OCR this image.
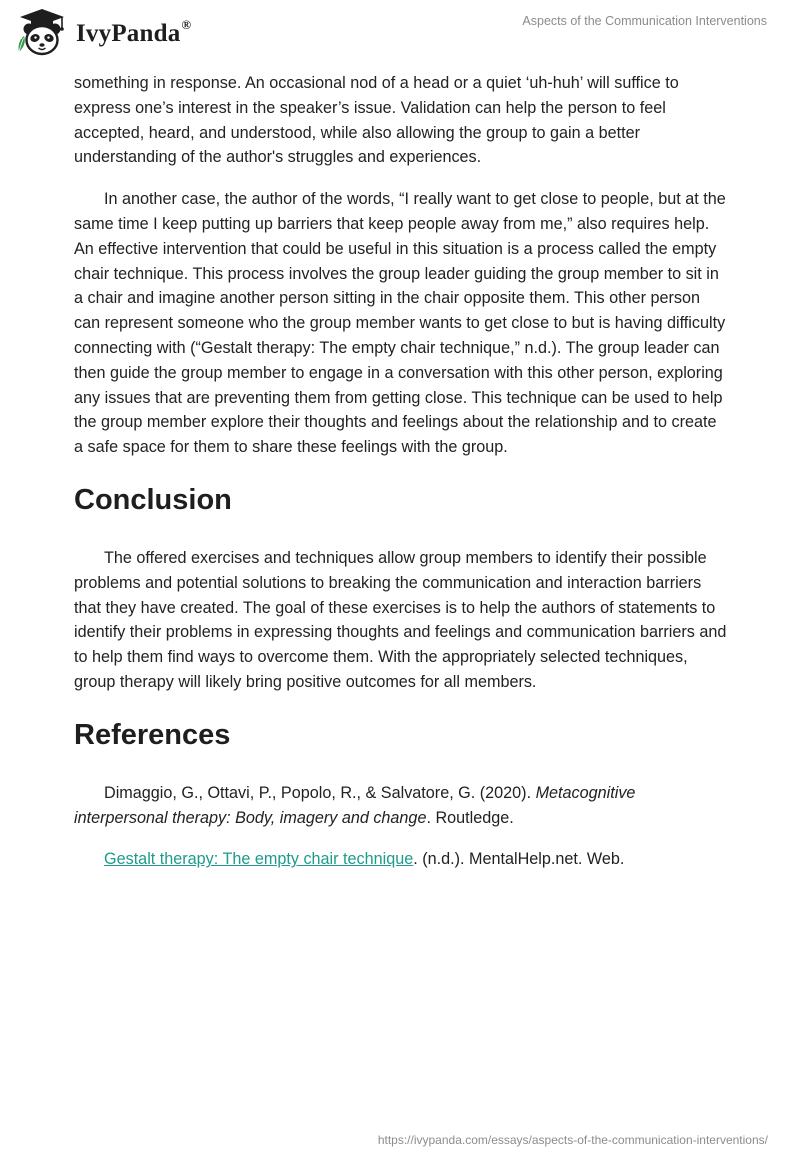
IvyPanda®	Aspects of the Communication Interventions

something in response. An occasional nod of a head or a quiet ‘uh-huh’ will suffice to express one’s interest in the speaker’s issue. Validation can help the person to feel accepted, heard, and understood, while also allowing the group to gain a better understanding of the author's struggles and experiences.

In another case, the author of the words, “I really want to get close to people, but at the same time I keep putting up barriers that keep people away from me,” also requires help. An effective intervention that could be useful in this situation is a process called the empty chair technique. This process involves the group leader guiding the group member to sit in a chair and imagine another person sitting in the chair opposite them. This other person can represent someone who the group member wants to get close to but is having difficulty connecting with (“Gestalt therapy: The empty chair technique,” n.d.). The group leader can then guide the group member to engage in a conversation with this other person, exploring any issues that are preventing them from getting close. This technique can be used to help the group member explore their thoughts and feelings about the relationship and to create a safe space for them to share these feelings with the group.

Conclusion

The offered exercises and techniques allow group members to identify their possible problems and potential solutions to breaking the communication and interaction barriers that they have created. The goal of these exercises is to help the authors of statements to identify their problems in expressing thoughts and feelings and communication barriers and to help them find ways to overcome them. With the appropriately selected techniques, group therapy will likely bring positive outcomes for all members.

References

Dimaggio, G., Ottavi, P., Popolo, R., & Salvatore, G. (2020). Metacognitive interpersonal therapy: Body, imagery and change. Routledge.

Gestalt therapy: The empty chair technique. (n.d.). MentalHelp.net. Web.

https://ivypanda.com/essays/aspects-of-the-communication-interventions/
